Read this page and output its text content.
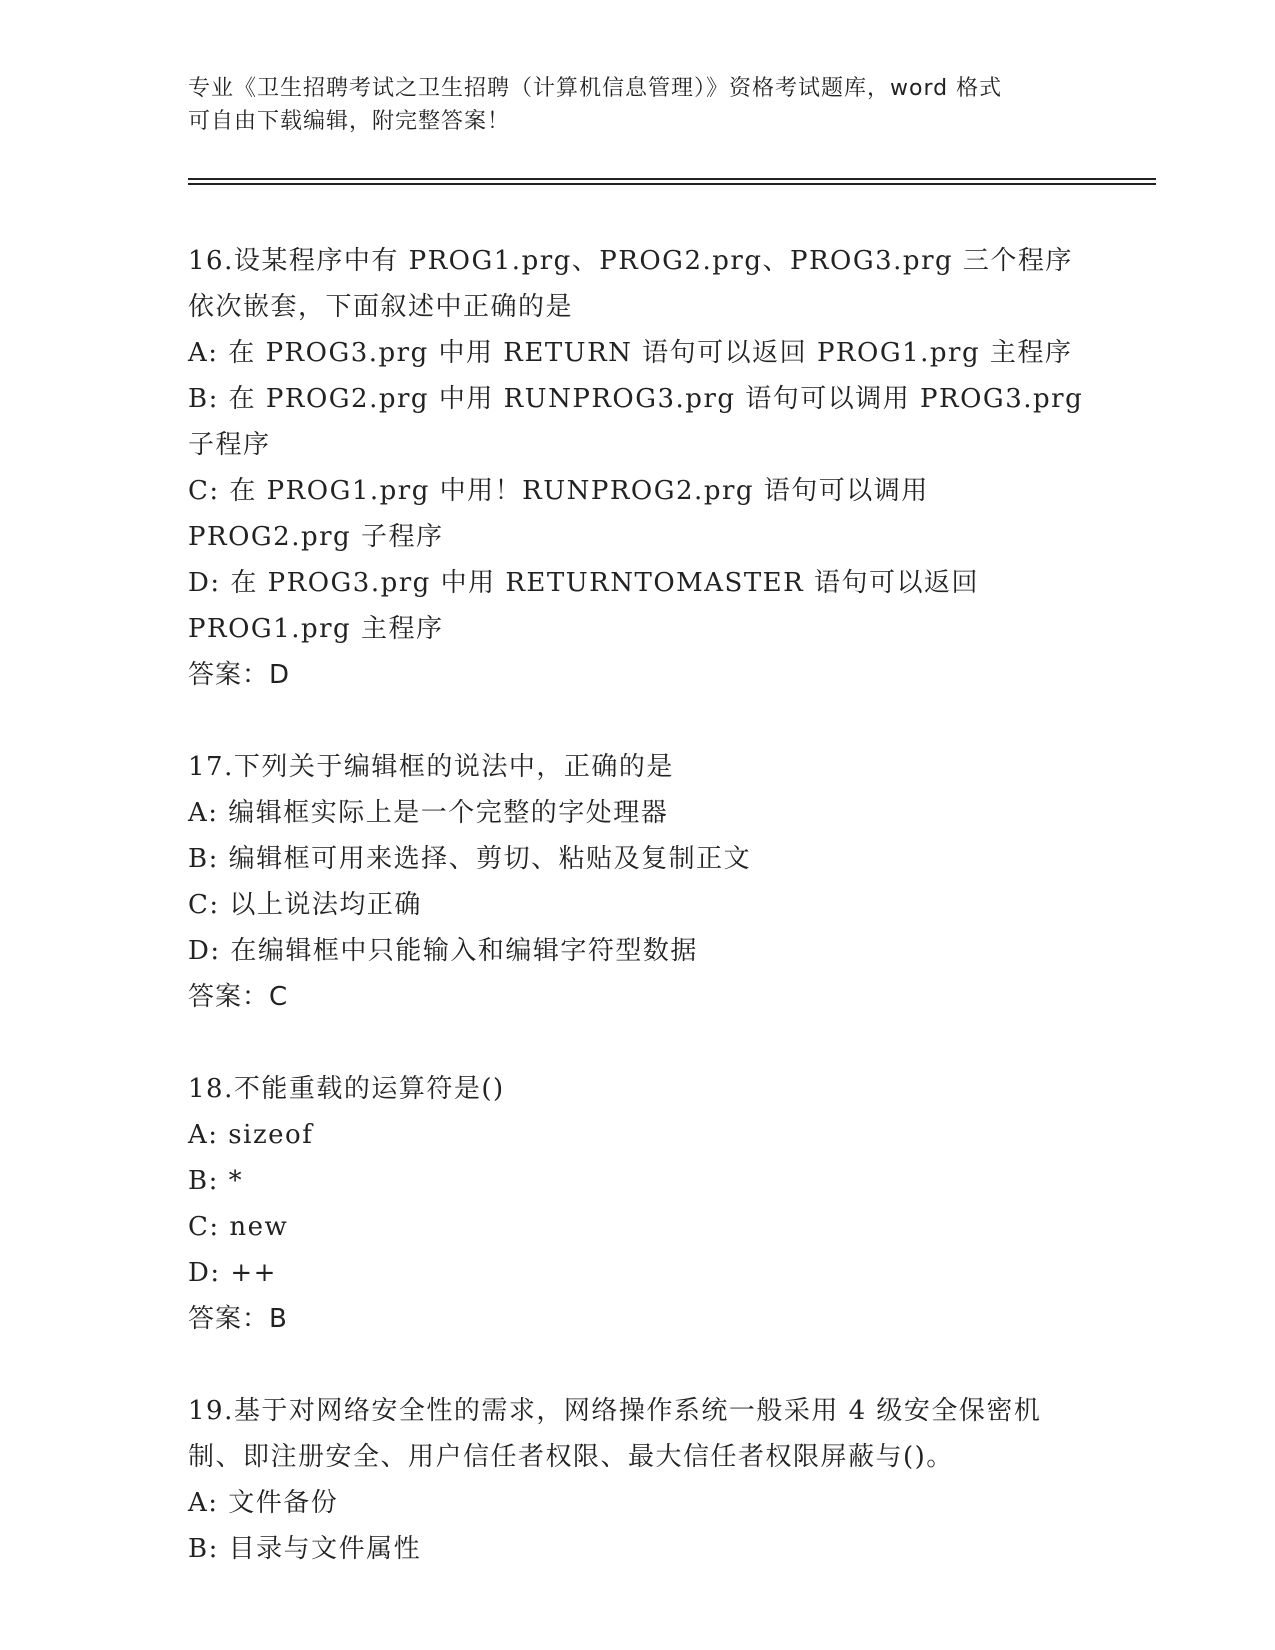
专业《卫生招聘考试之卫生招聘（计算机信息管理）》资格考试题库，word 格式
可自由下载编辑，附完整答案！

16.设某程序中有 PROG1.prg、PROG2.prg、PROG3.prg 三个程序依次嵌套，下面叙述中正确的是

A: 在 PROG3.prg 中用 RETURN 语句可以返回 PROG1.prg 主程序

B: 在 PROG2.prg 中用 RUNPROG3.prg 语句可以调用 PROG3.prg 子程序

C: 在 PROG1.prg 中用！RUNPROG2.prg 语句可以调用 PROG2.prg 子程序

D: 在 PROG3.prg 中用 RETURNTOMASTER 语句可以返回 PROG1.prg 主程序

答案：D

17.下列关于编辑框的说法中，正确的是

A: 编辑框实际上是一个完整的字处理器

B: 编辑框可用来选择、剪切、粘贴及复制正文

C: 以上说法均正确

D: 在编辑框中只能输入和编辑字符型数据

答案：C

18.不能重载的运算符是()

A: sizeof

B: *

C: new

D: ++

答案：B

19.基于对网络安全性的需求，网络操作系统一般采用 4 级安全保密机制、即注册安全、用户信任者权限、最大信任者权限屏蔽与()。

A: 文件备份

B: 目录与文件属性
